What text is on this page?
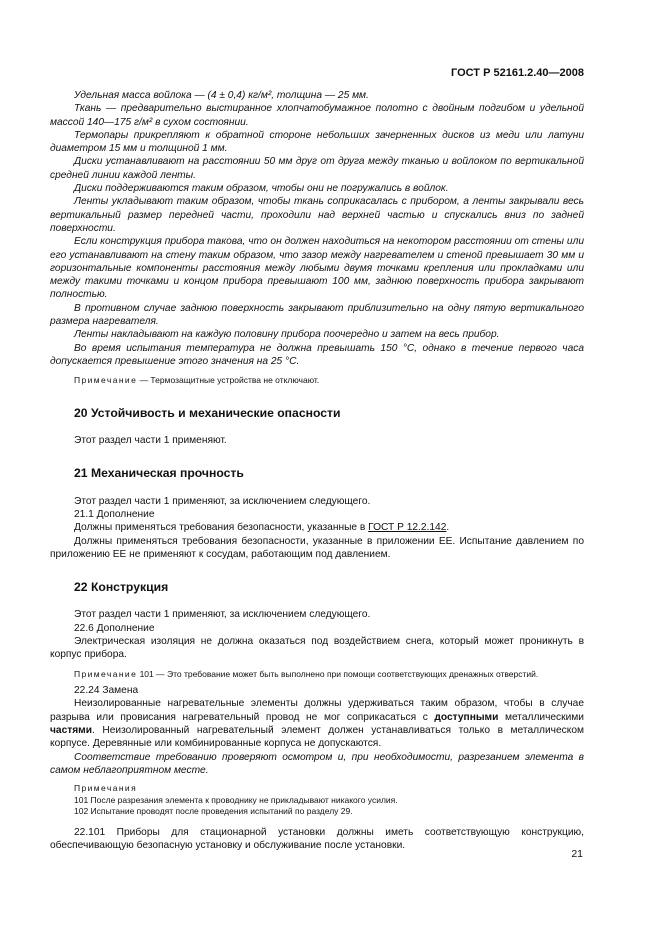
ГОСТ Р 52161.2.40—2008

Удельная масса войлока — (4 ± 0,4) кг/м², толщина — 25 мм.

Ткань — предварительно выстиранное хлопчатобумажное полотно с двойным подгибом и удельной массой 140—175 г/м² в сухом состоянии.

Термопары прикрепляют к обратной стороне небольших зачерненных дисков из меди или латуни диаметром 15 мм и толщиной 1 мм.

Диски устанавливают на расстоянии 50 мм друг от друга между тканью и войлоком по вертикальной средней линии каждой ленты.

Диски поддерживаются таким образом, чтобы они не погружались в войлок.

Ленты укладывают таким образом, чтобы ткань соприкасалась с прибором, а ленты закрывали весь вертикальный размер передней части, проходили над верхней частью и спускались вниз по задней поверхности.

Если конструкция прибора такова, что он должен находиться на некотором расстоянии от стены или его устанавливают на стену таким образом, что зазор между нагревателем и стеной превышает 30 мм и горизонтальные компоненты расстояния между любыми двумя точками крепления или прокладками или между такими точками и концом прибора превышают 100 мм, заднюю поверхность прибора закрывают полностью.

В противном случае заднюю поверхность закрывают приблизительно на одну пятую вертикального размера нагревателя.

Ленты накладывают на каждую половину прибора поочередно и затем на весь прибор.

Во время испытания температура не должна превышать 150 °С, однако в течение первого часа допускается превышение этого значения на 25 °С.

Примечание — Термозащитные устройства не отключают.

20 Устойчивость и механические опасности

Этот раздел части 1 применяют.

21 Механическая прочность

Этот раздел части 1 применяют, за исключением следующего.

21.1 Дополнение

Должны применяться требования безопасности, указанные в ГОСТ Р 12.2.142.

Должны применяться требования безопасности, указанные в приложении ЕЕ. Испытание давлением по приложению ЕЕ не применяют к сосудам, работающим под давлением.

22 Конструкция

Этот раздел части 1 применяют, за исключением следующего.

22.6 Дополнение

Электрическая изоляция не должна оказаться под воздействием снега, который может проникнуть в корпус прибора.

Примечание 101 — Это требование может быть выполнено при помощи соответствующих дренажных отверстий.

22.24 Замена

Неизолированные нагревательные элементы должны удерживаться таким образом, чтобы в случае разрыва или провисания нагревательный провод не мог соприкасаться с доступными металлическими частями. Неизолированный нагревательный элемент должен устанавливаться только в металлическом корпусе. Деревянные или комбинированные корпуса не допускаются.

Соответствие требованию проверяют осмотром и, при необходимости, разрезанием элемента в самом неблагоприятном месте.

Примечания

101 После разрезания элемента к проводнику не прикладывают никакого усилия.

102 Испытание проводят после проведения испытаний по разделу 29.

22.101 Приборы для стационарной установки должны иметь соответствующую конструкцию, обеспечивающую безопасную установку и обслуживание после установки.

21
